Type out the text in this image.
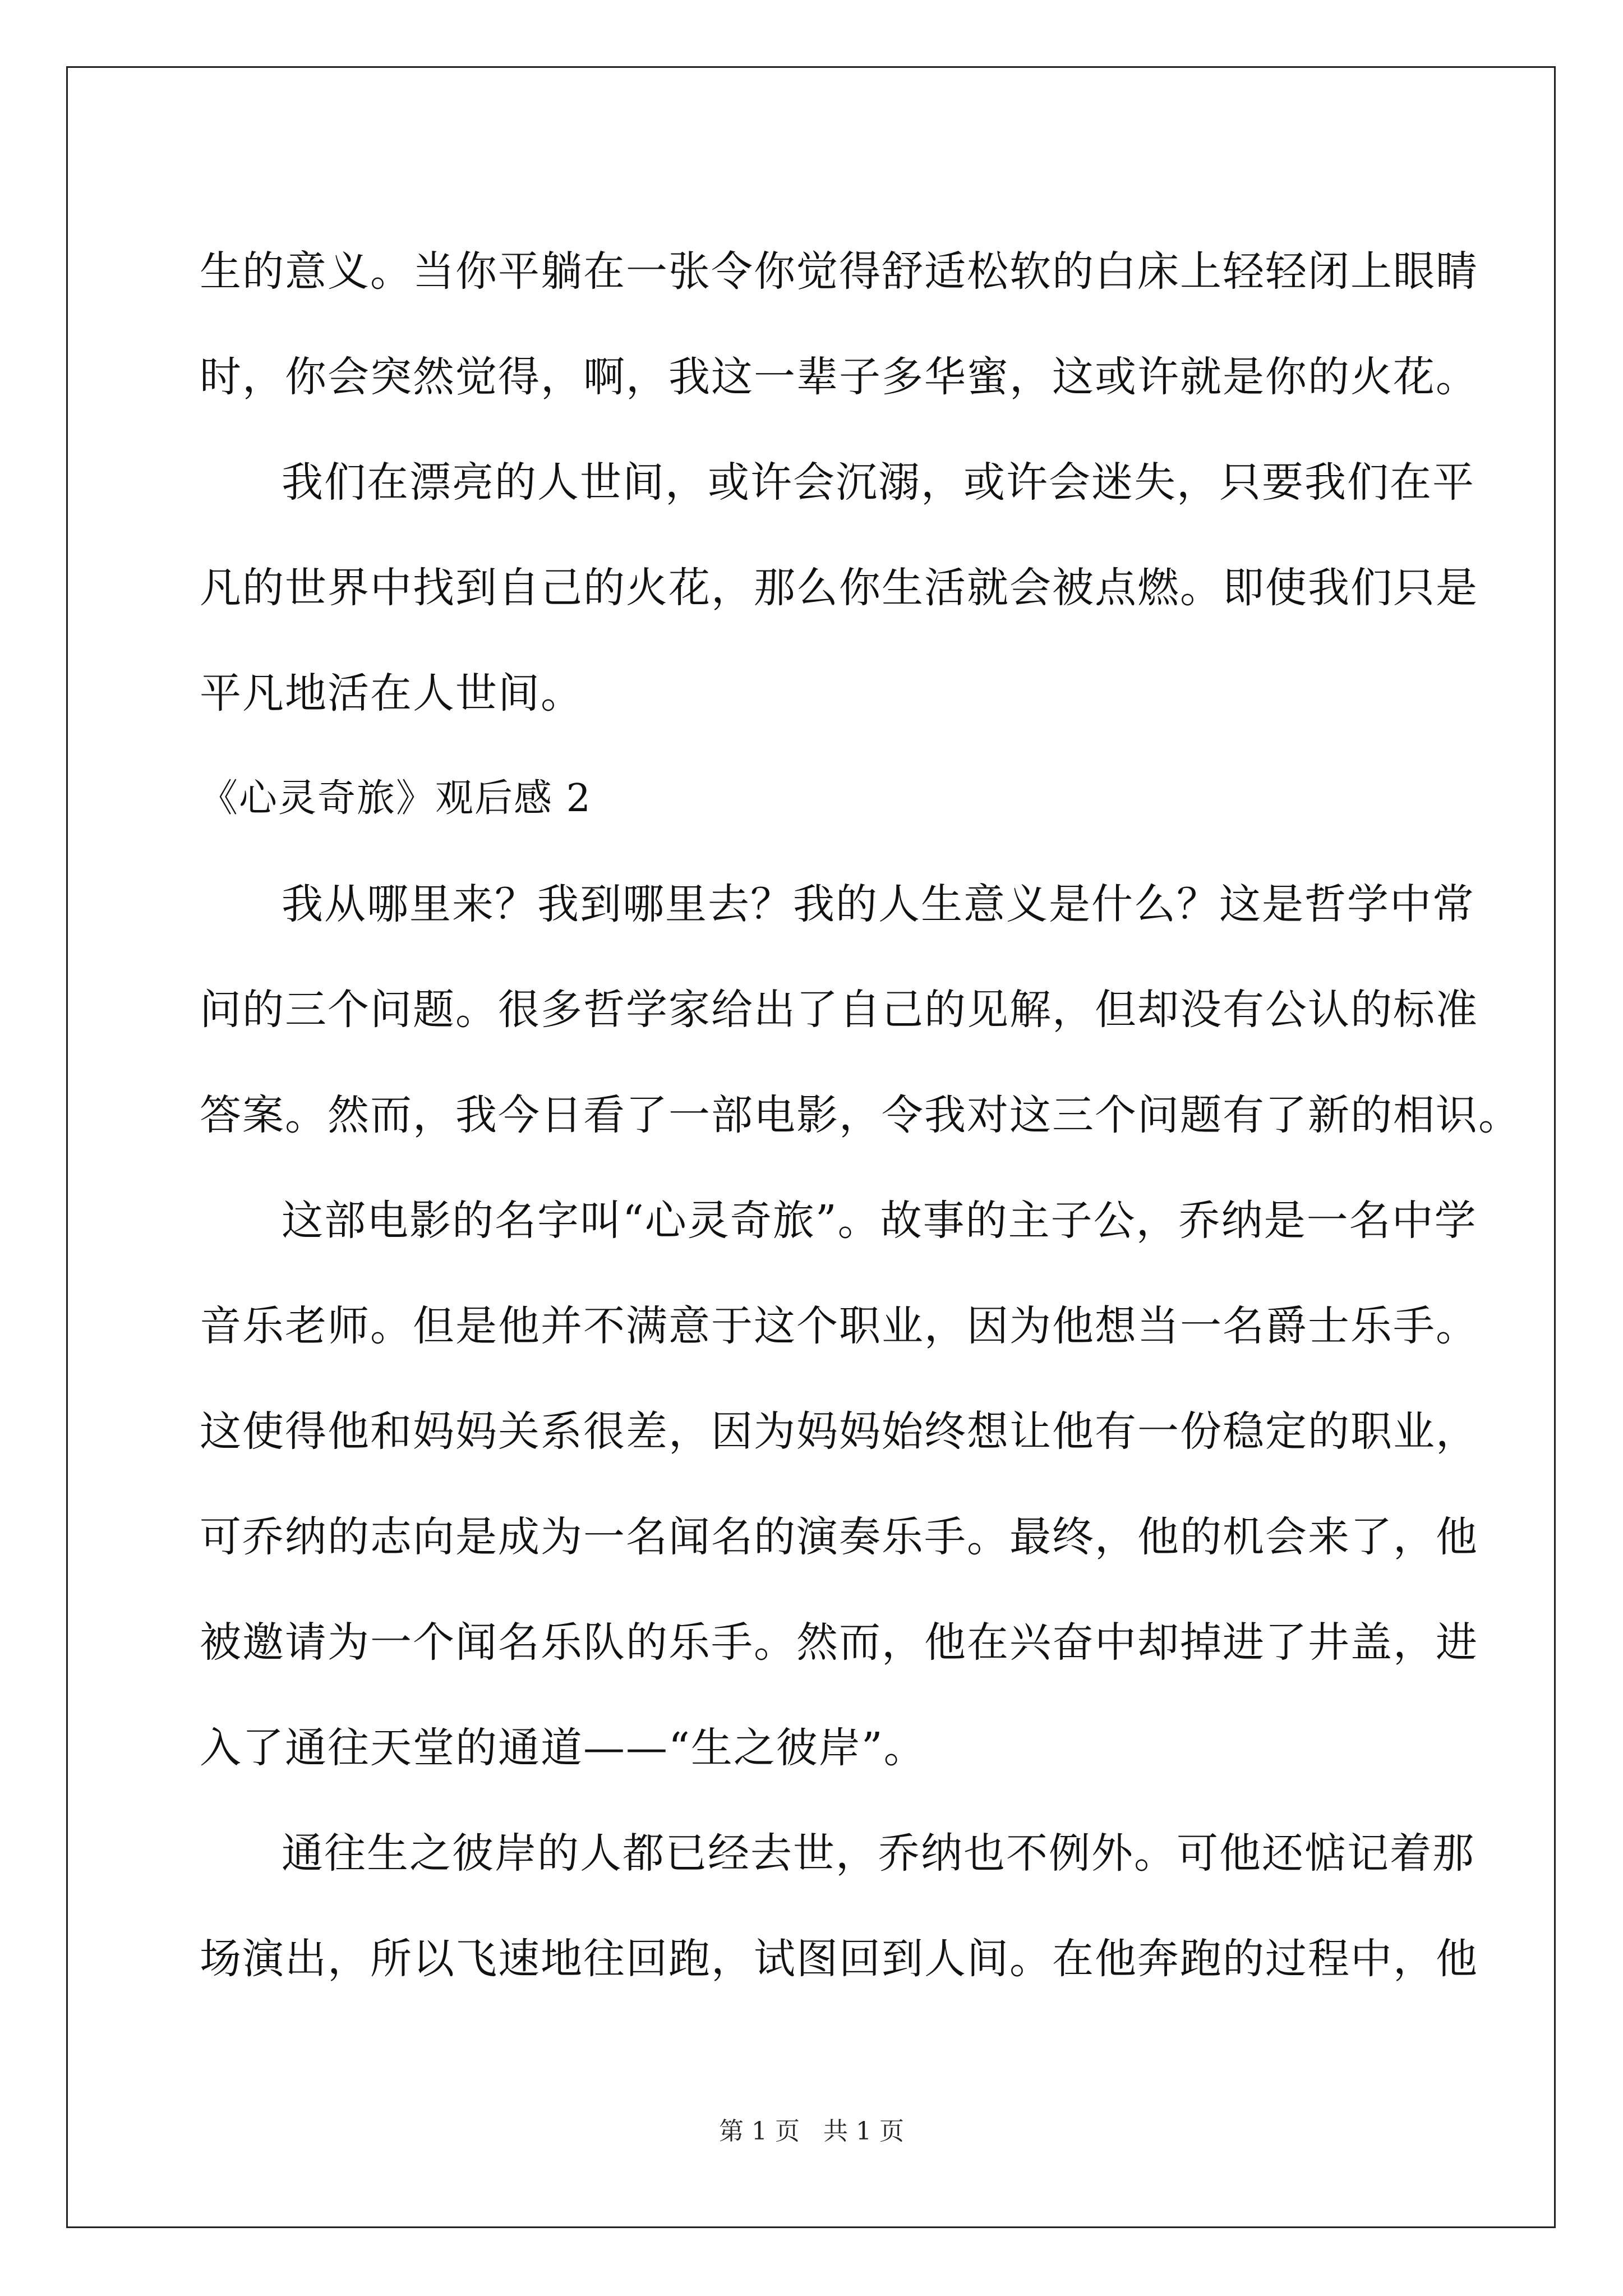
生的意义。当你平躺在一张令你觉得舒适松软的白床上轻轻闭上眼睛
时，你会突然觉得，啊，我这一辈子多华蜜，这或许就是你的火花。
我们在漂亮的人世间，或许会沉溺，或许会迷失，只要我们在平
凡的世界中找到自己的火花，那么你生活就会被点燃。即使我们只是
平凡地活在人世间。
《心灵奇旅》观后感 2
我从哪里来？我到哪里去？我的人生意义是什么？这是哲学中常
问的三个问题。很多哲学家给出了自己的见解，但却没有公认的标准
答案。然而，我今日看了一部电影，令我对这三个问题有了新的相识。
这部电影的名字叫“心灵奇旅”。故事的主子公，乔纳是一名中学
音乐老师。但是他并不满意于这个职业，因为他想当一名爵士乐手。
这使得他和妈妈关系很差，因为妈妈始终想让他有一份稳定的职业，
可乔纳的志向是成为一名闻名的演奏乐手。最终，他的机会来了，他
被邀请为一个闻名乐队的乐手。然而，他在兴奋中却掉进了井盖，进
入了通往天堂的通道——“生之彼岸”。
通往生之彼岸的人都已经去世，乔纳也不例外。可他还惦记着那
场演出，所以飞速地往回跑，试图回到人间。在他奔跑的过程中，他
第 1 页 共 1 页
